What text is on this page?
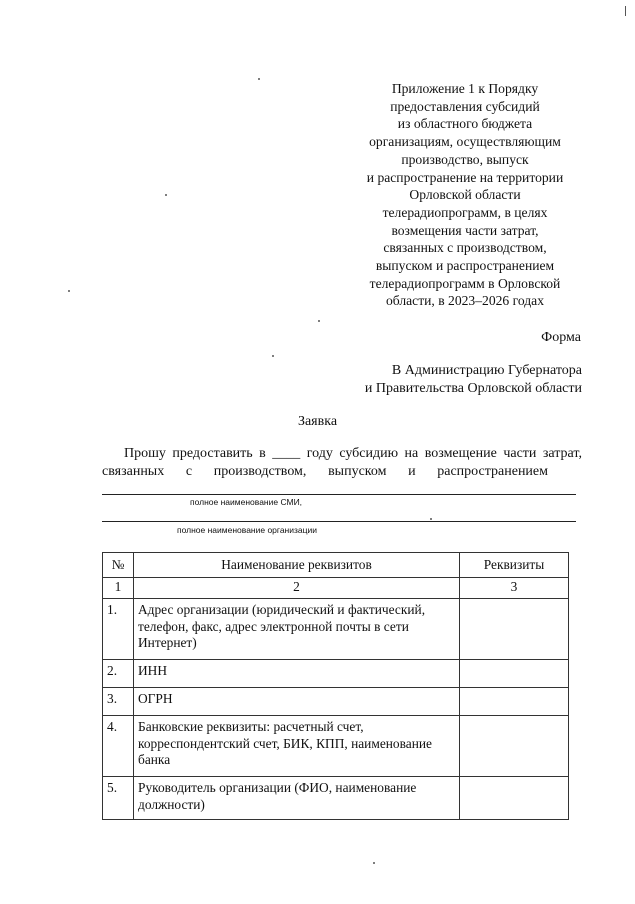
Приложение 1 к Порядку
предоставления субсидий
из областного бюджета
организациям, осуществляющим
производство, выпуск
и распространение на территории
Орловской области
телерадиопрограмм, в целях
возмещения части затрат,
связанных с производством,
выпуском и распространением
телерадиопрограмм в Орловской
области, в 2023–2026 годах
Форма
В Администрацию Губернатора
и Правительства Орловской области
Заявка
Прошу предоставить в ____ году субсидию на возмещение части затрат,
связанных с производством, выпуском и распространением
полное наименование СМИ,
полное наименование организации
№	Наименование реквизитов	Реквизиты
1	2	3
1.	Адрес организации (юридический и фактический, телефон, факс, адрес электронной почты в сети Интернет)	
2.	ИНН	
3.	ОГРН	
4.	Банковские реквизиты: расчетный счет, корреспондентский счет, БИК, КПП, наименование банка	
5.	Руководитель организации (ФИО, наименование должности)	
